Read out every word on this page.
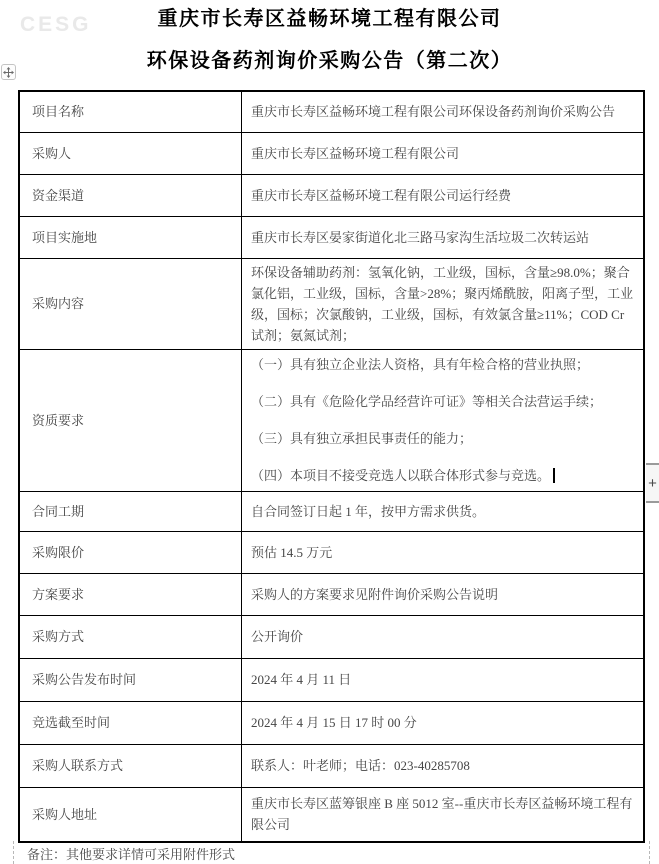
CESG	重庆市长寿区益畅环境工程有限公司
环保设备药剂询价采购公告（第二次）
项目名称	重庆市长寿区益畅环境工程有限公司环保设备药剂询价采购公告
采购人	重庆市长寿区益畅环境工程有限公司
资金渠道	重庆市长寿区益畅环境工程有限公司运行经费
项目实施地	重庆市长寿区晏家街道化北三路马家沟生活垃圾二次转运站
采购内容	环保设备辅助药剂：氢氧化钠，工业级，国标，含量≥98.0%；聚合氯化铝，工业级，国标，含量>28%；聚丙烯酰胺，阳离子型，工业级，国标；次氯酸钠，工业级，国标，有效氯含量≥11%；COD Cr 试剂；氨氮试剂；
资质要求	（一）具有独立企业法人资格，具有年检合格的营业执照；

（二）具有《危险化学品经营许可证》等相关合法营运手续；

（三）具有独立承担民事责任的能力；

（四）本项目不接受竞选人以联合体形式参与竞选。

合同工期	自合同签订日起 1 年，按甲方需求供货。
采购限价	预估 14.5 万元
方案要求	采购人的方案要求见附件询价采购公告说明
采购方式	公开询价
采购公告发布时间	2024 年 4 月 11 日
竞选截至时间	2024 年 4 月 15 日 17 时 00 分
采购人联系方式	联系人：叶老师；电话：023-40285708
采购人地址	重庆市长寿区蓝筹银座 B 座 5012 室--重庆市长寿区益畅环境工程有限公司
+
备注：其他要求详情可采用附件形式
